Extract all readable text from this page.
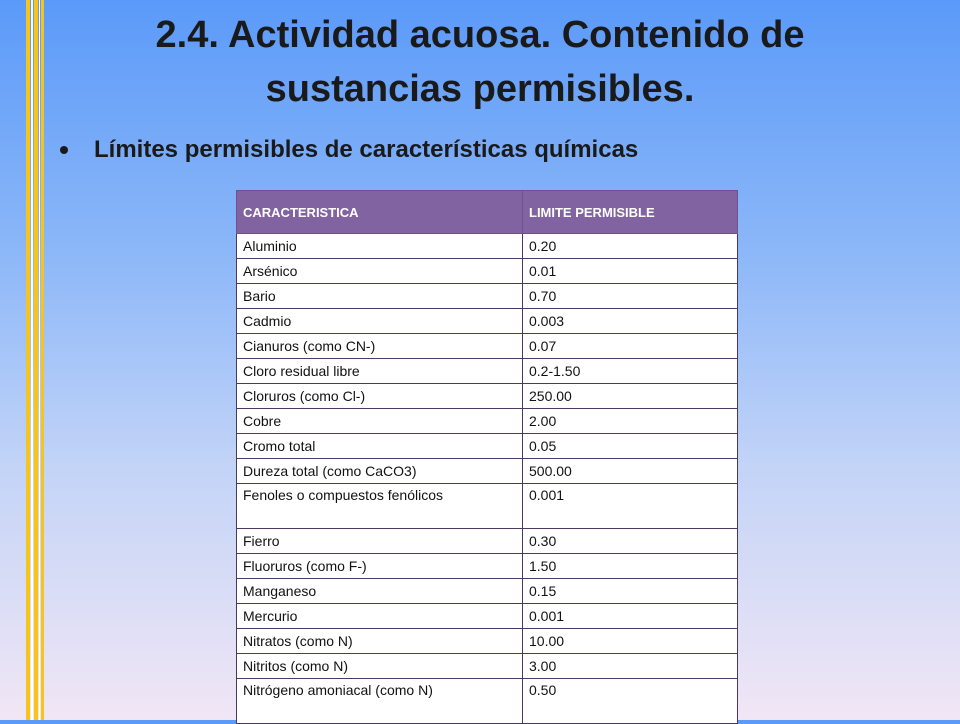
2.4. Actividad acuosa. Contenido de
sustancias permisibles.
Límites permisibles de características químicas
CARACTERISTICA	LIMITE PERMISIBLE
Aluminio	0.20
Arsénico	0.01
Bario	0.70
Cadmio	0.003
Cianuros (como CN-)	0.07
Cloro residual libre	0.2-1.50
Cloruros (como Cl-)	250.00
Cobre	2.00
Cromo total	0.05
Dureza total (como CaCO3)	500.00
Fenoles o compuestos fenólicos	0.001
Fierro	0.30
Fluoruros (como F-)	1.50
Manganeso	0.15
Mercurio	0.001
Nitratos (como N)	10.00
Nitritos (como N)	3.00
Nitrógeno amoniacal (como N)	0.50
